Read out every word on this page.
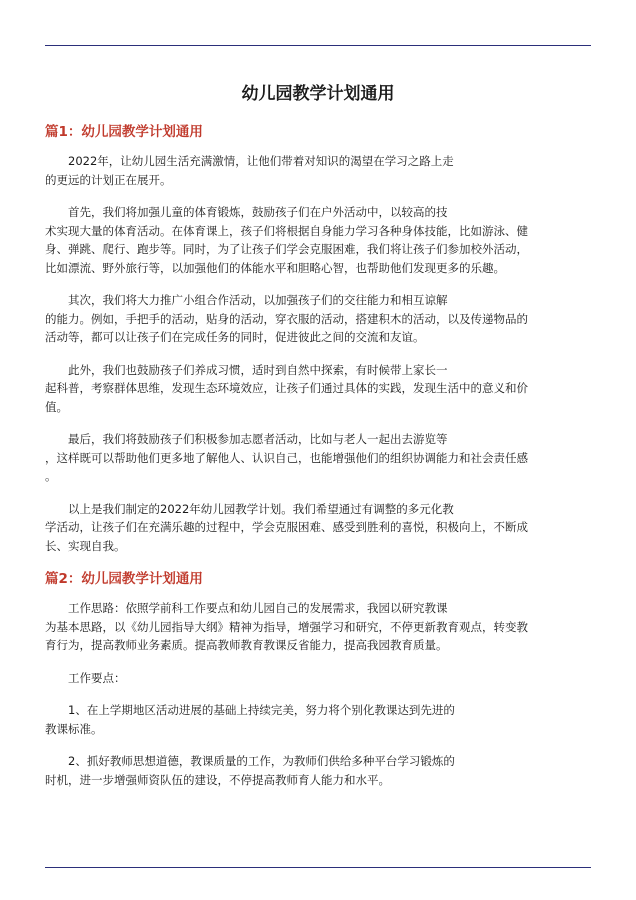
幼儿园教学计划通用
篇1：幼儿园教学计划通用
2022年，让幼儿园生活充满激情，让他们带着对知识的渴望在学习之路上走
的更远的计划正在展开。
首先，我们将加强儿童的体育锻炼，鼓励孩子们在户外活动中，以较高的技
术实现大量的体育活动。在体育课上，孩子们将根据自身能力学习各种身体技能，比如游泳、健
身、弹跳、爬行、跑步等。同时，为了让孩子们学会克服困难，我们将让孩子们参加校外活动，
比如漂流、野外旅行等，以加强他们的体能水平和胆略心智，也帮助他们发现更多的乐趣。
其次，我们将大力推广小组合作活动，以加强孩子们的交往能力和相互谅解
的能力。例如，手把手的活动，贴身的活动，穿衣服的活动，搭建积木的活动，以及传递物品的
活动等，都可以让孩子们在完成任务的同时，促进彼此之间的交流和友谊。
此外，我们也鼓励孩子们养成习惯，适时到自然中探索，有时候带上家长一
起科普，考察群体思维，发现生态环境效应，让孩子们通过具体的实践，发现生活中的意义和价
值。
最后，我们将鼓励孩子们积极参加志愿者活动，比如与老人一起出去游览等
，这样既可以帮助他们更多地了解他人、认识自己，也能增强他们的组织协调能力和社会责任感
。
以上是我们制定的2022年幼儿园教学计划。我们希望通过有调整的多元化教
学活动，让孩子们在充满乐趣的过程中，学会克服困难、感受到胜利的喜悦，积极向上，不断成
长、实现自我。
篇2：幼儿园教学计划通用
工作思路：依照学前科工作要点和幼儿园自己的发展需求，我园以研究教课
为基本思路，以《幼儿园指导大纲》精神为指导，增强学习和研究，不停更新教育观点，转变教
育行为，提高教师业务素质。提高教师教育教课反省能力，提高我园教育质量。
工作要点：
1、在上学期地区活动进展的基础上持续完美，努力将个别化教课达到先进的
教课标准。
2、抓好教师思想道德，教课质量的工作，为教师们供给多种平台学习锻炼的
时机，进一步增强师资队伍的建设，不停提高教师育人能力和水平。
